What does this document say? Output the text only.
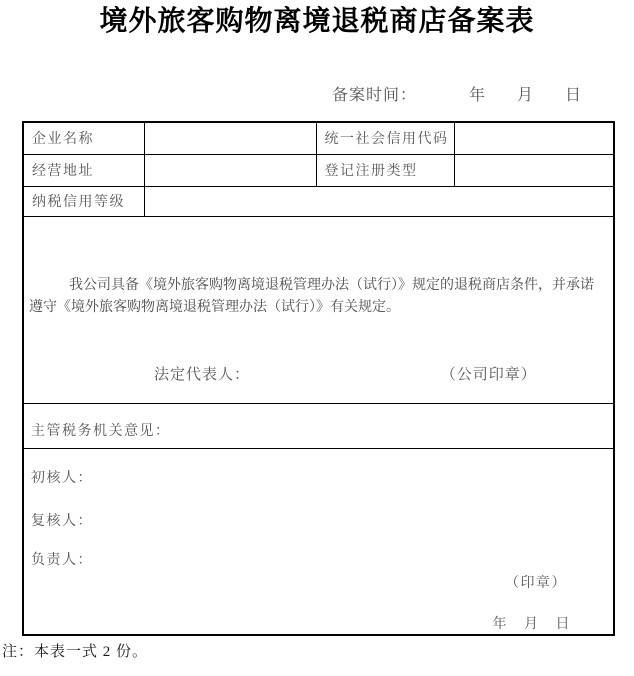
境外旅客购物离境退税商店备案表
备案时间：	年 月 日
企业名称		统一社会信用代码	
经营地址		登记注册类型	
纳税信用等级			

我公司具备《境外旅客购物离境退税管理办法（试行）》规定的退税商店条件，并承诺遵守《境外旅客购物离境退税管理办法（试行）》有关规定。
法定代表人： （公司印章）			

主管税务机关意见：			

初核人：
复核人：
负责人：
（印章）
年 月 日			
注：本表一式 2 份。
